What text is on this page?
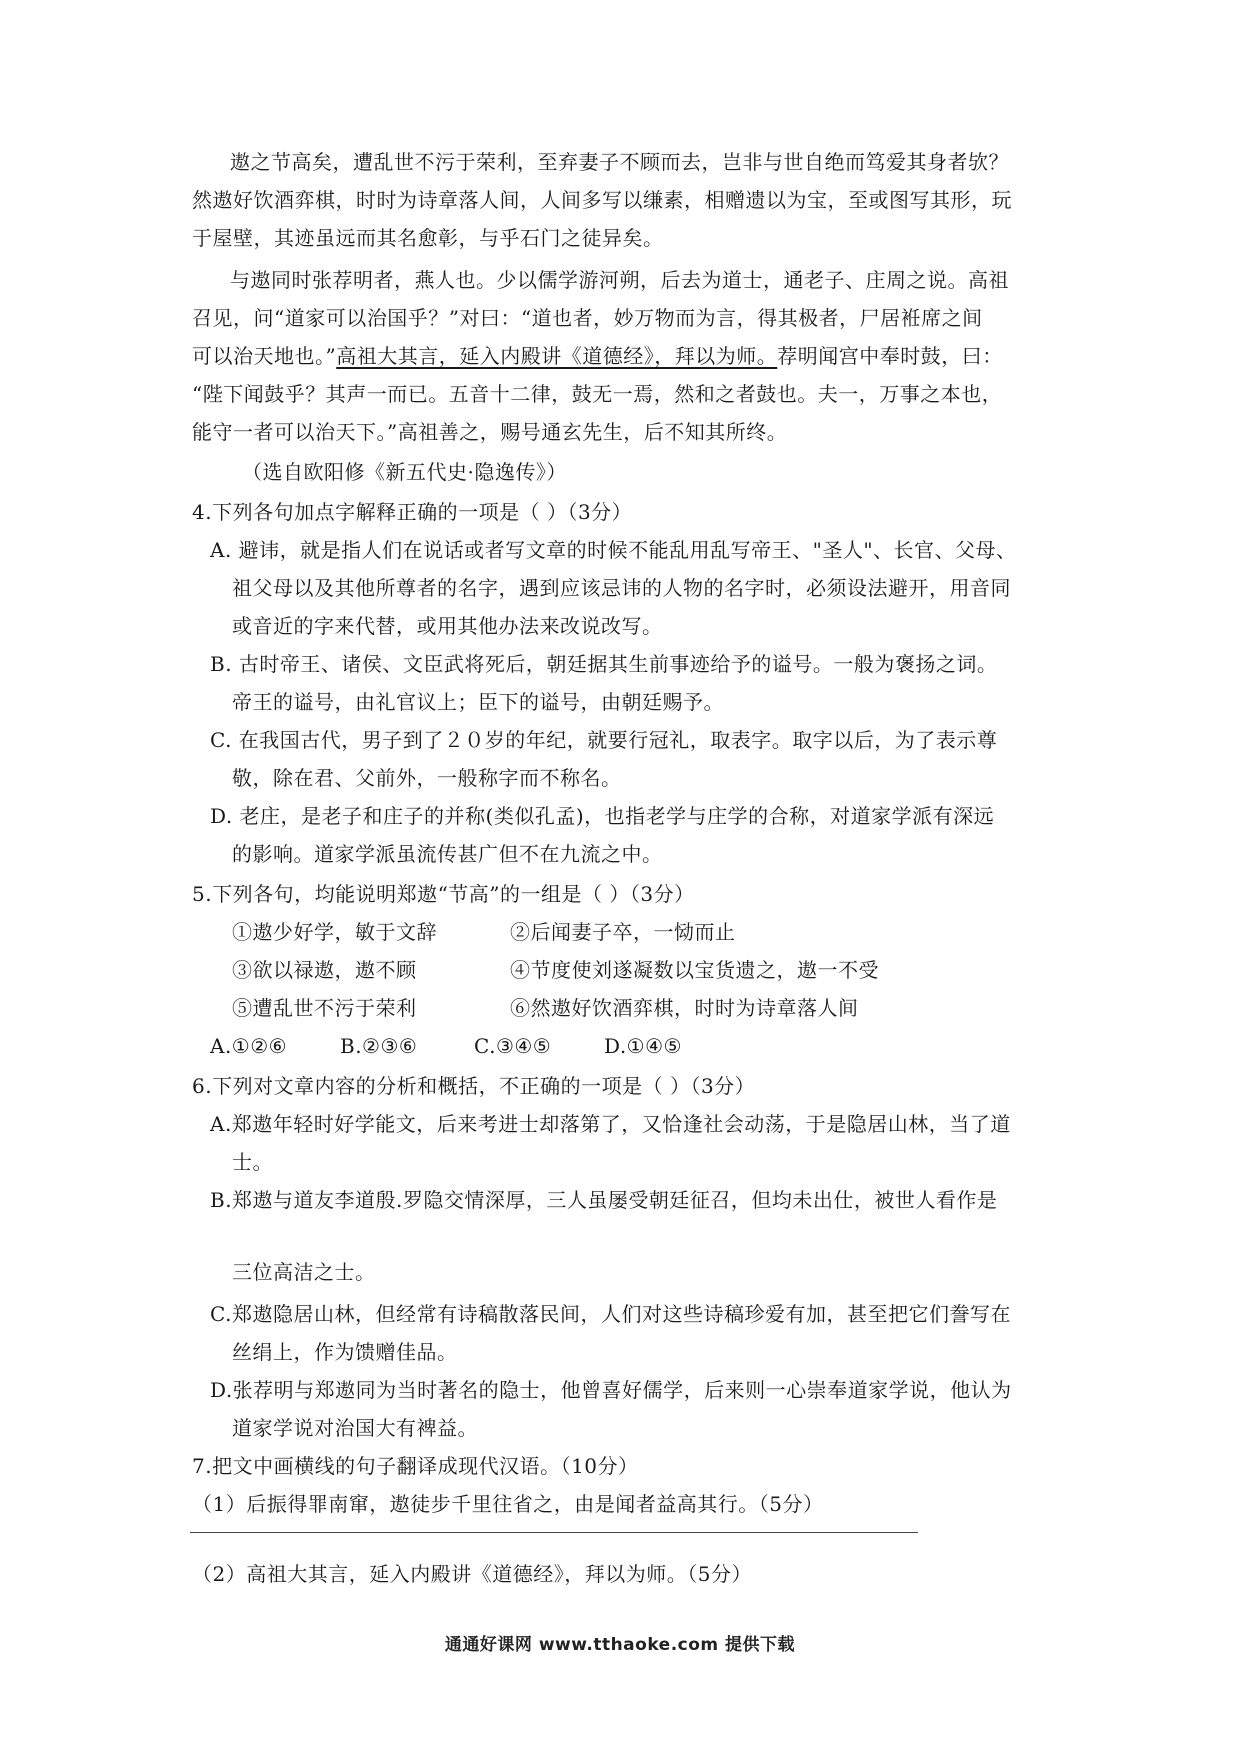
遨之节高矣，遭乱世不污于荣利，至弃妻子不顾而去，岂非与世自绝而笃爱其身者欤？
然遨好饮酒弈棋，时时为诗章落人间，人间多写以缣素，相赠遗以为宝，至或图写其形，玩
于屋壁，其迹虽远而其名愈彰，与乎石门之徒异矣。
与遨同时张荐明者，燕人也。少以儒学游河朔，后去为道士，通老子、庄周之说。高祖
召见，问“道家可以治国乎？”对曰：“道也者，妙万物而为言，得其极者，尸居袵席之间
可以治天地也。”高祖大其言，延入内殿讲《道德经》，拜以为师。荐明闻宫中奉时鼓，曰：
“陛下闻鼓乎？其声一而已。五音十二律，鼓无一焉，然和之者鼓也。夫一，万事之本也，
能守一者可以治天下。”高祖善之，赐号通玄先生，后不知其所终。
（选自欧阳修《新五代史·隐逸传》）
4.下列各句加点字解释正确的一项是（ ）（3分）
A. 避讳，就是指人们在说话或者写文章的时候不能乱用乱写帝王、"圣人"、长官、父母、
祖父母以及其他所尊者的名字，遇到应该忌讳的人物的名字时，必须设法避开，用音同
或音近的字来代替，或用其他办法来改说改写。
B. 古时帝王、诸侯、文臣武将死后，朝廷据其生前事迹给予的谥号。一般为褒扬之词。
帝王的谥号，由礼官议上；臣下的谥号，由朝廷赐予。
C. 在我国古代，男子到了２０岁的年纪，就要行冠礼，取表字。取字以后，为了表示尊
敬，除在君、父前外，一般称字而不称名。
D. 老庄，是老子和庄子的并称(类似孔孟)，也指老学与庄学的合称，对道家学派有深远
的影响。道家学派虽流传甚广但不在九流之中。
5.下列各句，均能说明郑遨“节高”的一组是（ ）（3分）
①遨少好学，敏于文辞	②后闻妻子卒，一恸而止
③欲以禄遨，遨不顾	④节度使刘遂凝数以宝货遗之，遨一不受
⑤遭乱世不污于荣利	⑥然遨好饮酒弈棋，时时为诗章落人间
A.①②⑥	B.②③⑥	C.③④⑤	D.①④⑤
6.下列对文章内容的分析和概括，不正确的一项是（ ）（3分）
A.郑遨年轻时好学能文，后来考进士却落第了，又恰逢社会动荡，于是隐居山林，当了道
士。
B.郑遨与道友李道殷.罗隐交情深厚，三人虽屡受朝廷征召，但均未出仕，被世人看作是
三位高洁之士。
C.郑遨隐居山林，但经常有诗稿散落民间，人们对这些诗稿珍爱有加，甚至把它们誊写在
丝绢上，作为馈赠佳品。
D.张荐明与郑遨同为当时著名的隐士，他曾喜好儒学，后来则一心崇奉道家学说，他认为
道家学说对治国大有裨益。
7.把文中画横线的句子翻译成现代汉语。（10分）
（1）后振得罪南窜，遨徒步千里往省之，由是闻者益高其行。（5分）
（2）高祖大其言，延入内殿讲《道德经》，拜以为师。（5分）
通通好课网 www.tthaoke.com 提供下载
